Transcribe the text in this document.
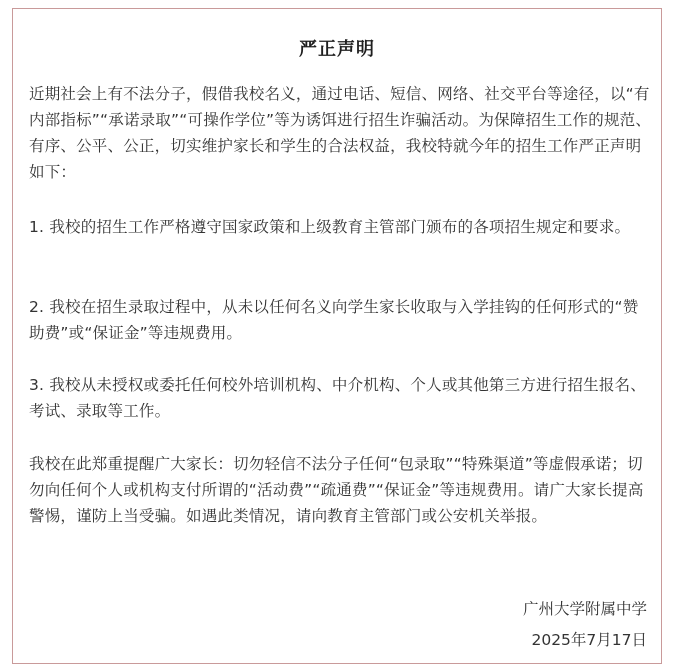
严正声明

近期社会上有不法分子，假借我校名义，通过电话、短信、网络、社交平台等途径，以“有内部指标”“承诺录取”“可操作学位”等为诱饵进行招生诈骗活动。为保障招生工作的规范、有序、公平、公正，切实维护家长和学生的合法权益，我校特就今年的招生工作严正声明如下：

1. 我校的招生工作严格遵守国家政策和上级教育主管部门颁布的各项招生规定和要求。

2. 我校在招生录取过程中，从未以任何名义向学生家长收取与入学挂钩的任何形式的“赞助费”或“保证金”等违规费用。

3. 我校从未授权或委托任何校外培训机构、中介机构、个人或其他第三方进行招生报名、考试、录取等工作。

我校在此郑重提醒广大家长：切勿轻信不法分子任何“包录取”“特殊渠道”等虚假承诺；切勿向任何个人或机构支付所谓的“活动费”“疏通费”“保证金”等违规费用。请广大家长提高警惕，谨防上当受骗。如遇此类情况，请向教育主管部门或公安机关举报。

广州大学附属中学

2025年7月17日
